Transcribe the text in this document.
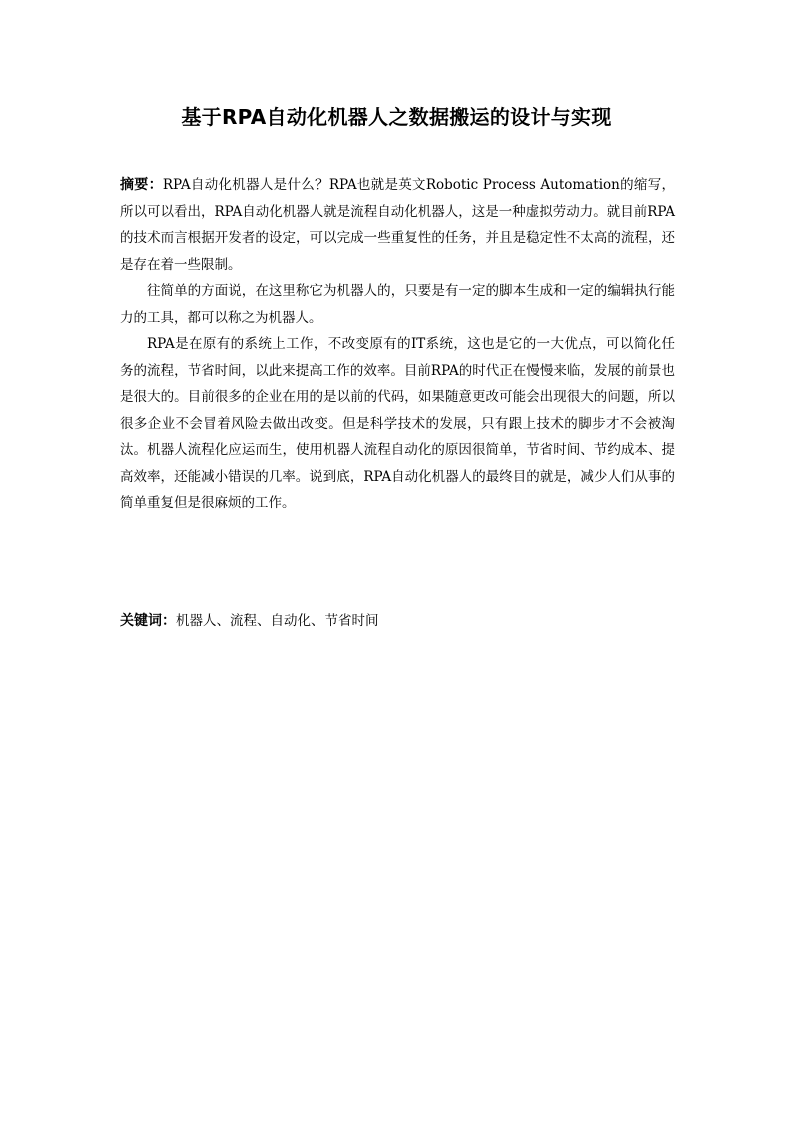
基于RPA自动化机器人之数据搬运的设计与实现

摘要：RPA自动化机器人是什么？RPA也就是英文Robotic Process Automation的缩写，所以可以看出，RPA自动化机器人就是流程自动化机器人，这是一种虚拟劳动力。就目前RPA的技术而言根据开发者的设定，可以完成一些重复性的任务，并且是稳定性不太高的流程，还是存在着一些限制。

往简单的方面说，在这里称它为机器人的，只要是有一定的脚本生成和一定的编辑执行能力的工具，都可以称之为机器人。

RPA是在原有的系统上工作，不改变原有的IT系统，这也是它的一大优点，可以简化任务的流程，节省时间，以此来提高工作的效率。目前RPA的时代正在慢慢来临，发展的前景也是很大的。目前很多的企业在用的是以前的代码，如果随意更改可能会出现很大的问题，所以很多企业不会冒着风险去做出改变。但是科学技术的发展，只有跟上技术的脚步才不会被淘汰。机器人流程化应运而生，使用机器人流程自动化的原因很简单，节省时间、节约成本、提高效率，还能减小错误的几率。说到底，RPA自动化机器人的最终目的就是，减少人们从事的简单重复但是很麻烦的工作。

关键词：机器人、流程、自动化、节省时间
